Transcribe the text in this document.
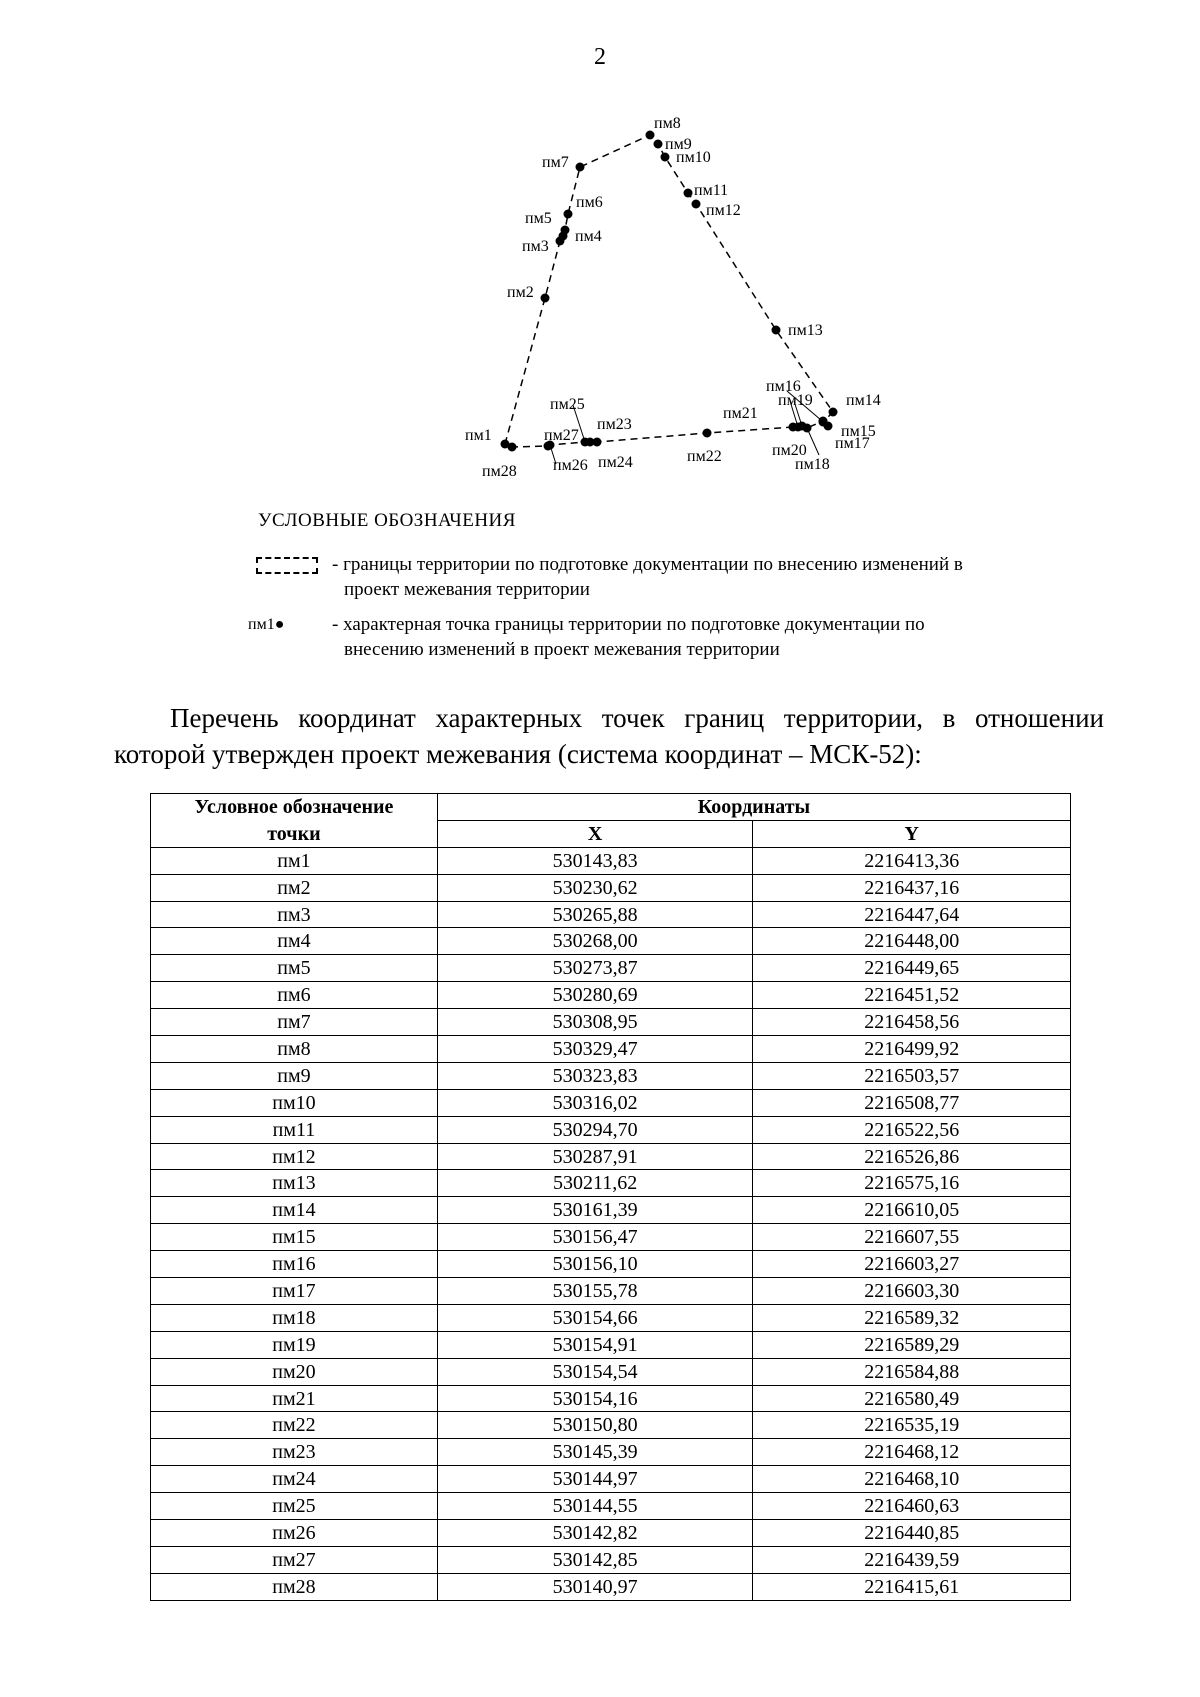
2
пм1
пм2
пм3
пм4
пм5
пм6
пм7
пм8
пм9
пм10
пм11
пм12
пм13
пм14
пм15
пм16
пм17
пм18
пм19
пм20
пм21
пм22
пм23
пм24
пм25
пм26
пм27
пм28
УСЛОВНЫЕ ОБОЗНАЧЕНИЯ
- границы территории по подготовке документации по внесению изменений в
проект межевания территории
пм1●	- характерная точка границы территории по подготовке документации по
внесению изменений в проект межевания территории
Перечень координат характерных точек границ территории, в отношении
которой утвержден проект межевания (система координат – МСК-52):
Условное обозначение	Координаты	
точки	X	Y
пм1	530143,83	2216413,36
пм2	530230,62	2216437,16
пм3	530265,88	2216447,64
пм4	530268,00	2216448,00
пм5	530273,87	2216449,65
пм6	530280,69	2216451,52
пм7	530308,95	2216458,56
пм8	530329,47	2216499,92
пм9	530323,83	2216503,57
пм10	530316,02	2216508,77
пм11	530294,70	2216522,56
пм12	530287,91	2216526,86
пм13	530211,62	2216575,16
пм14	530161,39	2216610,05
пм15	530156,47	2216607,55
пм16	530156,10	2216603,27
пм17	530155,78	2216603,30
пм18	530154,66	2216589,32
пм19	530154,91	2216589,29
пм20	530154,54	2216584,88
пм21	530154,16	2216580,49
пм22	530150,80	2216535,19
пм23	530145,39	2216468,12
пм24	530144,97	2216468,10
пм25	530144,55	2216460,63
пм26	530142,82	2216440,85
пм27	530142,85	2216439,59
пм28	530140,97	2216415,61
